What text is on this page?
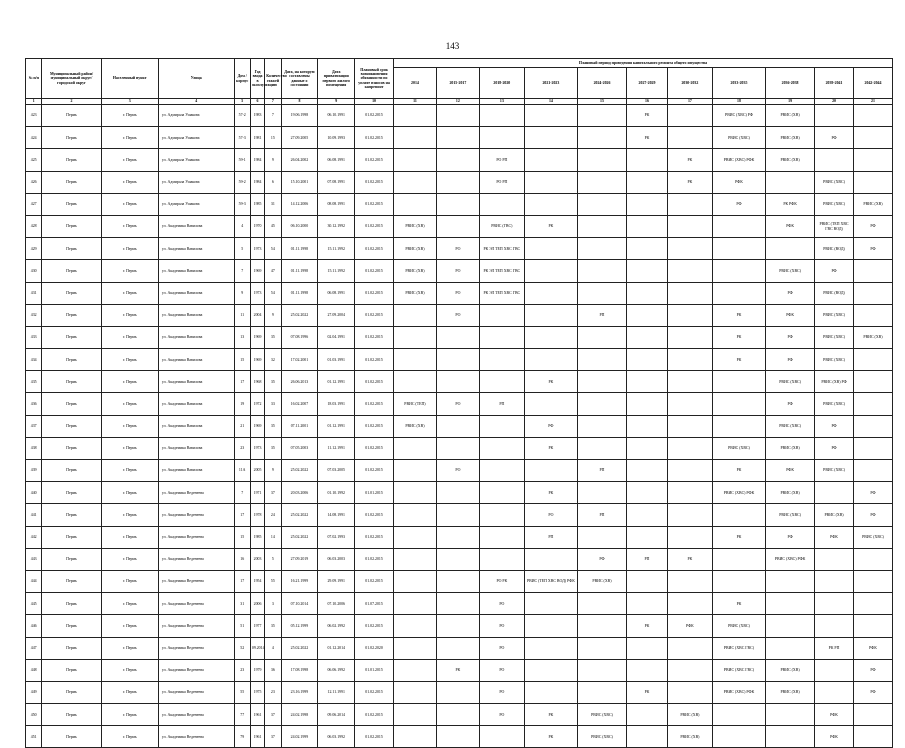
143
№ п/п	Муниципальный район/ муниципальный округ/городской округ	Населенный пункт	Улица	Дом / корпус	Год ввода в эксплуатацию	Количество этажей	Дата, на которую составлены данные о состоянии	Дата приватизации первого жилого помещения	Плановый срок возникновения обязанности по уплате взносов на капремонт	Плановый период проведения капитального ремонта общего имущества										
										2014	2015-2017	2018-2020	2021-2023	2024-2026	2027-2029	2030-2032	2033-2035	2036-2038	2039-2041	2042-2044
1	2	3	4	5	6	7	8	9	10	11	12	13	14	15	16	17	18	19	20	21
423	Пермь	г. Пермь	ул. Адмирала Ушакова	57-2	1983	7	19.06.1998	06.10.1991	01.02.2015						РК		РВИС (ХВС) РФ	РВИС (ХВ)		
424	Пермь	г. Пермь	ул. Адмирала Ушакова	57-3	1981	15	27.09.2005	10.09.1993	01.02.2015						РК		РВИС (ХВС)	РВИС (ХВ)	РФ	
425	Пермь	г. Пермь	ул. Адмирала Ушакова	59-1	1984	9	26.04.2002	06.08.1991	01.02.2015			РО РП				РК	РВИС (ХВС) РФК	РВИС (ХВ)		
426	Пермь	г. Пермь	ул. Адмирала Ушакова	59-2	1984	6	15.10.2001	07.08.1991	01.02.2015			РО РП				РК	РФК		РВИС (ХВС)	
427	Пермь	г. Пермь	ул. Адмирала Ушакова	59-3	1985	31	14.12.2006	08.08.1991	01.02.2015								РФ	РК РФК	РВИС (ХВС)	РВИС (ХВ)
428	Пермь	г. Пермь	ул. Академика Вавилова	4	1970	45	06.10.2000	30.12.1992	01.02.2015	РВИС (ХВ)		РВИС (ГВС)	РК					РФК	РВИС (ТЕП ХВС ГВС ВОД)	РФ
429	Пермь	г. Пермь	ул. Академика Вавилова	5	1973	54	01.11.1998	15.11.1992	01.02.2015	РВИС (ХВ)	РО	РК ЭЛ ТЕП ХВС ГВС							РВИС (ВОД)	РФ
430	Пермь	г. Пермь	ул. Академика Вавилова	7	1969	47	01.11.1998	15.11.1992	01.02.2015	РВИС (ХВ)	РО	РК ЭЛ ТЕП ХВС ГВС						РВИС (ХВС)	РФ	
431	Пермь	г. Пермь	ул. Академика Вавилова	9	1973	54	01.11.1998	06.08.1991	01.02.2015	РВИС (ХВ)	РО	РК ЭЛ ТЕП ХВС ГВС						РФ	РВИС (ВОД)	
432	Пермь	г. Пермь	ул. Академика Вавилова	11	2004	9	25.02.2022	27.09.2004	01.02.2015		РО			РП			РК	РФК	РВИС (ХВС)	
433	Пермь	г. Пермь	ул. Академика Вавилова	13	1969	35	07.08.1996	02.04.1991	01.02.2015								РК	РФ	РВИС (ХВС)	РВИС (ХВ)
434	Пермь	г. Пермь	ул. Академика Вавилова	15	1969	32	17.02.2001	01.03.1991	01.02.2015								РК	РФ	РВИС (ХВС)	
435	Пермь	г. Пермь	ул. Академика Вавилова	17	1968	35	26.06.2013	01.12.1991	01.02.2015				РК					РВИС (ХВС)	РВИС (ХВ) РФ	
436	Пермь	г. Пермь	ул. Академика Вавилова	19	1972	33	16.02.2007	18.03.1991	01.02.2015	РВИС (ТЕП)	РО	РП						РФ	РВИС (ХВС)	
437	Пермь	г. Пермь	ул. Академика Вавилова	21	1969	35	07.11.2001	01.12.1991	01.02.2015	РВИС (ХВ)			РФ					РВИС (ХВС)	РФ	
438	Пермь	г. Пермь	ул. Академика Вавилова	23	1973	35	07.05.2003	11.12.1991	01.02.2015				РК				РВИС (ХВС)	РВИС (ХВ)	РФ	
439	Пермь	г. Пермь	ул. Академика Вавилова	11А	2005	9	25.02.2022	07.03.2005	01.02.2015		РО			РП			РК	РФК	РВИС (ХВС)	
440	Пермь	г. Пермь	ул. Академика Веденеева	7	1971	37	20.03.2006	01.10.1992	01.01.2015				РК				РВИС (ХВС) РФК	РВИС (ХВ)		РФ
441	Пермь	г. Пермь	ул. Академика Веденеева	17	1978	24	25.02.2022	14.08.1991	01.02.2015				РО	РП				РВИС (ХВС)	РВИС (ХВ)	РФ
442	Пермь	г. Пермь	ул. Академика Веденеева	15	1985	14	25.02.2022	07.02.1993	01.02.2015				РП				РК	РФ	РФК	РВИС (ХВС)
443	Пермь	г. Пермь	ул. Академика Веденеева	16	2003	5	27.09.2019	06.03.2003	01.02.2015					РФ	РП	РК		РВИС (ХВС) РФК		
444	Пермь	г. Пермь	ул. Академика Веденеева	17	1954	55	16.21.1999	29.09.1991	01.02.2015			РО РК	РВИС (ТЕП ХВС ВОД) РФК	РВИС (ХВ)						
445	Пермь	г. Пермь	ул. Академика Веденеева	31	2006	3	07.10.2014	07.10.2006	01.07.2015			РО					РК			
446	Пермь	г. Пермь	ул. Академика Веденеева	51	1977	35	05.12.1999	06.02.1992	01.02.2015			РО			РК	РФК	РВИС (ХВС)			
447	Пермь	г. Пермь	ул. Академика Веденеева	52	09.2014	4	25.02.2022	01.12.2014	01.02.2020			РО					РВИС (ХВС ГВС)		РК РП	РФК
448	Пермь	г. Пермь	ул. Академика Веденеева	23	1979	36	17.08.1998	06.06.1992	01.01.2015		РК	РО					РВИС (ХВС ГВС)	РВИС (ХВ)		РФ
449	Пермь	г. Пермь	ул. Академика Веденеева	55	1975	23	23.16.1999	12.11.1991	01.02.2015			РО			РК		РВИС (ХВС) РФК	РВИС (ХВ)		РФ
450	Пермь	г. Пермь	ул. Академика Веденеева	77	1961	37	24.02.1998	09.06.2014	01.02.2015			РО	РК	РВИС (ХВС)		РВИС (ХВ)			РФК	
451	Пермь	г. Пермь	ул. Академика Веденеева	79	1961	37	24.02.1999	06.03.1992	01.02.2015				РК	РВИС (ХВС)		РВИС (ХВ)			РФК	
